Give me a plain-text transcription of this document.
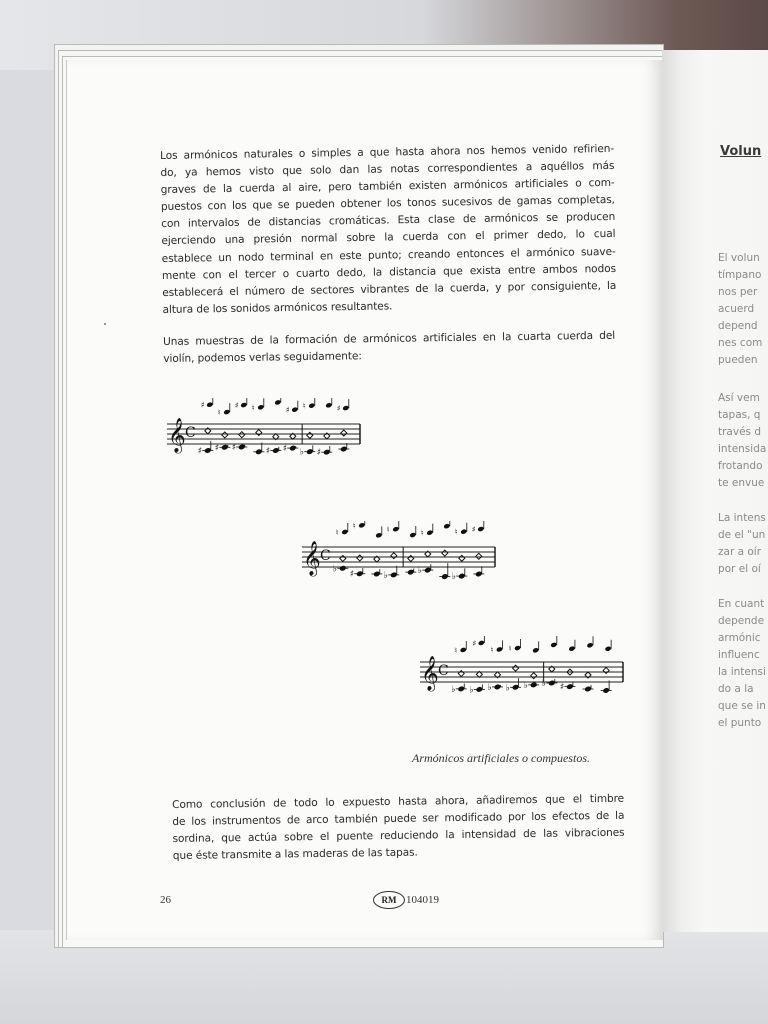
Volun
El volun
tímpano
nos per
acuerd
depend
nes com
pueden
Así vem
tapas, q
través d
intensida
frotando
te envue
La intens
de el "un
zar a oír
por el oí
En cuant
depende
armónic
influenc
la intensi
do a la
que se in
el punto
Los armónicos naturales o simples a que hasta ahora nos hemos venido refirien-
do, ya hemos visto que solo dan las notas correspondientes a aquéllos más
graves de la cuerda al aire, pero también existen armónicos artificiales o com-
puestos con los que se pueden obtener los tonos sucesivos de gamas completas,
con intervalos de distancias cromáticas. Esta clase de armónicos se producen
ejerciendo una presión normal sobre la cuerda con el primer dedo, lo cual
establece un nodo terminal en este punto; creando entonces el armónico suave-
mente con el tercer o cuarto dedo, la distancia que exista entre ambos nodos
establecerá el número de sectores vibrantes de la cuerda, y por consiguiente, la
altura de los sonidos armónicos resultantes.
Unas muestras de la formación de armónicos artificiales en la cuarta cuerda del
violín, podemos verlas seguidamente:
𝄞 C
♯
♯
♯
♮
♯
♯ ♮
♯ ♯
♯
♭
♮
♯
♯
𝄞 C
♭
♮
♯
♮
♭
♮
♭
♮
♭
♮ ♯
𝄞 C
♭
♮
♭
♯
♭
♮
♭
♮
♭ ♭ ♯
Armónicos artificiales o compuestos.
Como conclusión de todo lo expuesto hasta ahora, añadiremos que el timbre
de los instrumentos de arco también puede ser modificado por los efectos de la
sordina, que actúa sobre el puente reduciendo la intensidad de las vibraciones
que éste transmite a las maderas de las tapas.
26	RM 104019
